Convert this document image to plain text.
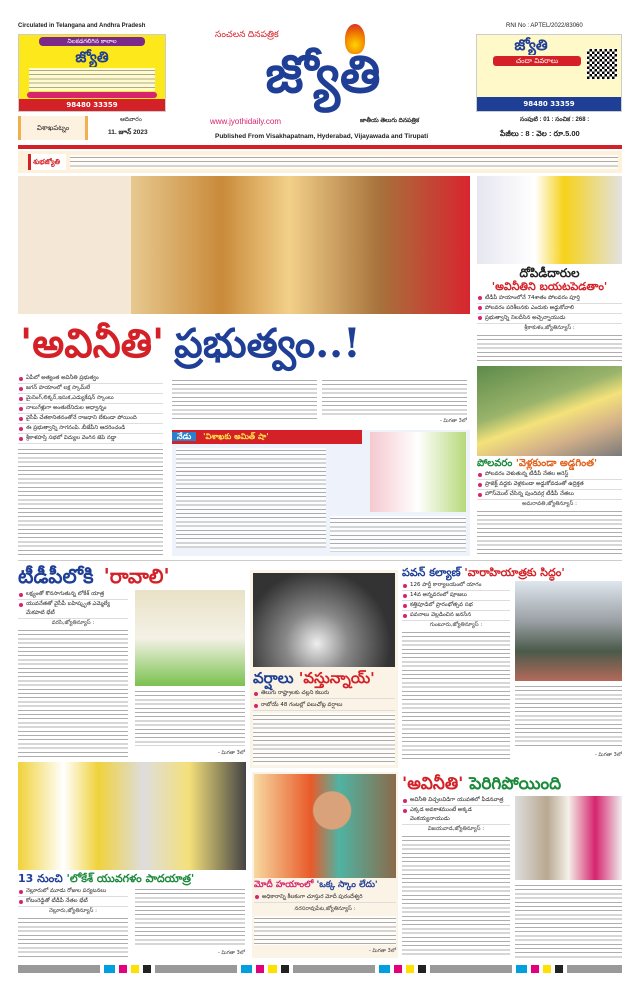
Circulated in Telangana and Andhra Pradesh
నిలకడగలిగిన కాలాల
జ్యోతి
98480 33359
సంచలన దినపత్రిక
జ్యోతి
www.jyothidaily.com	జాతీయ తెలుగు దినపత్రిక
Published From Visakhapatnam, Hyderabad, Vijayawada and Tirupati
RNI No : APTEL/2022/83060
జ్యోతి
చందా వివరాలు
98480 33359
విశాఖపట్నం
ఆదివారం
11. జూన్ 2023
సంపుటి : 01 : సంచిక : 268 :
పేజీలు : 8 : వెల : రూ.5.00
శుభజ్యోతి
'అవినీతి' ప్రభుత్వం..!
ఏపీలో అత్యంత అవినీతి ప్రభుత్వం
జగన్ హయాంలో లక్ష స్కామ్‌లే
మైనింగ్,లిక్కర్,ఇసుక,ఎడ్యుకేషన్ స్కాంలు
నాలుగేళ్లుగా అంతులేనిదుల అధ్వాన్నం
వైసీపీ చేతకానితనంతోనే రాజధాని లేకుండా పోయింది
ఈ ప్రభుత్వాన్ని సాగనంపి..బీజేపీని ఆదరించండి
శ్రీకాళహస్తి సభలో విద్యుల వెంగిన జెపి నడ్డా
- మిగతా 3లో
నేడు 'విశాఖకు అమిత్ షా'
దోపిడీదారుల
'అవినీతిని బయటపెడతాం'
టీడీపీ హయాంలోనే 74శాతం పోలవరం పూర్తి
పోలవరం పరిశీలనకు ఎందుకు అడ్డుకోవాలి
ప్రభుత్వాన్ని నిలదీసిన అచ్చెన్నాయుడు
శ్రీకాకుళం,జ్యోతిన్యూస్ :
పోలవరం 'వెళ్లకుండా అడ్డగింత'
పోలవరం వెళుతున్న టీడీపీ నేతల అరెస్ట్
ప్రాజెక్ట్ వద్దకు వెళ్లకుండా అడ్డుకోవడంతో ఉద్రిక్తత
హౌస్‌మొల్ చేసిన్న పుందివర్గ టీడీపీ నేతలు
అమరావతి,జ్యోతిన్యూస్ :
టీడీపీలోకి 'రావాలి'
లక్ష్యంతో కొనసాగుతున్న లోకేశ్ యాత్ర
యువనేతతో వైసీపీ బహిష్కృత ఎమ్మెల్యే మేకపాటి భేటీ
వరసి,జ్యోతిన్యూస్ :
- మిగతా 3లో
వర్షాలు 'వస్తున్నాయ్'
తెలుగు రాష్ట్రాలకు చల్లని కబురు
రాబోయే 48 గంటల్లో పలుచోట్ల వర్షాలు
పవన్ కల్యాణ్ 'వారాహియాత్రకు సిద్ధం'
126 పార్టీ కార్యాలయంలో యాగం
14వ అన్నవరంలో పూజలు
కత్తిపూడిలో ప్రారంభోత్సవ సభ
పవనాలు వెల్లడించిన జనసేన
గుంటూరు,జ్యోతిన్యూస్ :
- మిగతా 3లో
13 నుంచి 'లోకేశ్ యువగళం పాదయాత్ర'
నెల్లూరులో మూడు రోజుల పర్యటనలు
కోటంరెడ్డితో టీడీపీ నేతల భేటీ
నెల్లూరు,జ్యోతిన్యూస్ :
- మిగతా 3లో
మోదీ హయాంలో 'ఒక్క స్కాం లేదు'
అధికారాన్ని కీలకంగా చూస్తుర మోదీ పురందేశ్వరి
నరసరావుపేట,జ్యోతిన్యూస్ :
- మిగతా 3లో
'అవినీతి' పెరిగిపోయింది
అవినీతి విచ్చలవిడిగా యువతలో పీడనవాత్ర
ఎక్కడ అవకాశముంటే అక్కడ వెంకయ్యనాయుడు
విజయవాడ,జ్యోతిన్యూస్ :
